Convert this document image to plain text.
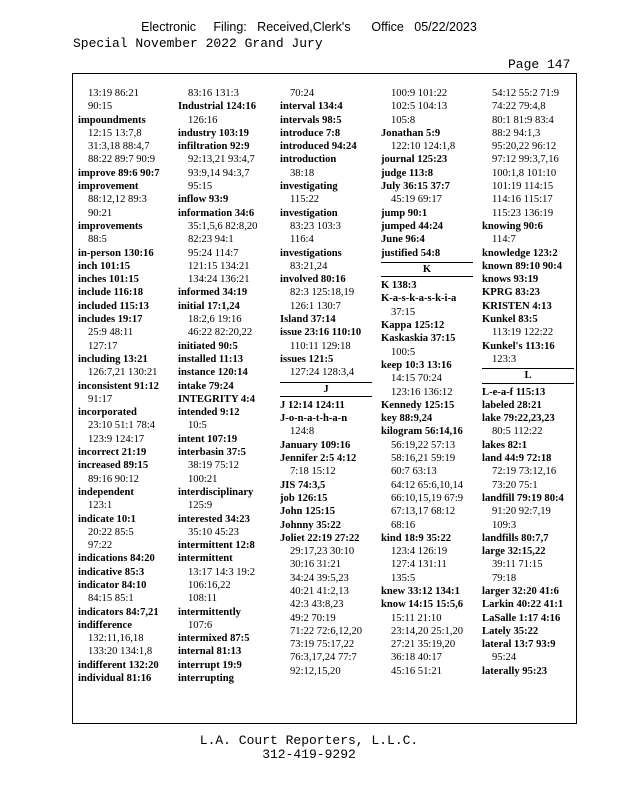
Electronic     Filing:   Received,Clerk's      Office   05/22/2023
Special November 2022 Grand Jury
Page 147
13:19 86:21
90:15
impoundments
12:15 13:7,8
31:3,18 88:4,7
88:22 89:7 90:9
improve 89:6 90:7
improvement
88:12,12 89:3
90:21
improvements
88:5
in-person 130:16
inch 101:15
inches 101:15
include 116:18
included 115:13
includes 19:17
25:9 48:11
127:17
including 13:21
126:7,21 130:21
inconsistent 91:12
91:17
incorporated
23:10 51:1 78:4
123:9 124:17
incorrect 21:19
increased 89:15
89:16 90:12
independent
123:1
indicate 10:1
20:22 85:5
97:22
indications 84:20
indicative 85:3
indicator 84:10
84:15 85:1
indicators 84:7,21
indifference
132:11,16,18
133:20 134:1,8
indifferent 132:20
individual 81:16
83:16 131:3
Industrial 124:16
126:16
industry 103:19
infiltration 92:9
92:13,21 93:4,7
93:9,14 94:3,7
95:15
inflow 93:9
information 34:6
35:1,5,6 82:8,20
82:23 94:1
95:24 114:7
121:15 134:21
134:24 136:21
informed 34:19
initial 17:1,24
18:2,6 19:16
46:22 82:20,22
initiated 90:5
installed 11:13
instance 120:14
intake 79:24
INTEGRITY 4:4
intended 9:12
10:5
intent 107:19
interbasin 37:5
38:19 75:12
100:21
interdisciplinary
125:9
interested 34:23
35:10 45:23
intermittent 12:8
intermittent
13:17 14:3 19:2
106:16,22
108:11
intermittently
107:6
intermixed 87:5
internal 81:13
interrupt 19:9
interrupting
70:24
interval 134:4
intervals 98:5
introduce 7:8
introduced 94:24
introduction
38:18
investigating
115:22
investigation
83:23 103:3
116:4
investigations
83:21,24
involved 80:16
82:3 125:18,19
126:1 130:7
Island 37:14
issue 23:16 110:10
110:11 129:18
issues 121:5
127:24 128:3,4
J
J 12:14 124:11
J-o-n-a-t-h-a-n
124:8
January 109:16
Jennifer 2:5 4:12
7:18 15:12
JIS 74:3,5
job 126:15
John 125:15
Johnny 35:22
Joliet 22:19 27:22
29:17,23 30:10
30:16 31:21
34:24 39:5,23
40:21 41:2,13
42:3 43:8,23
49:2 70:19
71:22 72:6,12,20
73:19 75:17,22
76:3,17,24 77:7
92:12,15,20
100:9 101:22
102:5 104:13
105:8
Jonathan 5:9
122:10 124:1,8
journal 125:23
judge 113:8
July 36:15 37:7
45:19 69:17
jump 90:1
jumped 44:24
June 96:4
justified 54:8
K
K 138:3
K-a-s-k-a-s-k-i-a
37:15
Kappa 125:12
Kaskaskia 37:15
100:5
keep 10:3 13:16
14:15 70:24
123:16 136:12
Kennedy 125:15
key 88:9,24
kilogram 56:14,16
56:19,22 57:13
58:16,21 59:19
60:7 63:13
64:12 65:6,10,14
66:10,15,19 67:9
67:13,17 68:12
68:16
kind 18:9 35:22
123:4 126:19
127:4 131:11
135:5
knew 33:12 134:1
know 14:15 15:5,6
15:11 21:10
23:14,20 25:1,20
27:21 35:19,20
36:18 40:17
45:16 51:21
54:12 55:2 71:9
74:22 79:4,8
80:1 81:9 83:4
88:2 94:1,3
95:20,22 96:12
97:12 99:3,7,16
100:1,8 101:10
101:19 114:15
114:16 115:17
115:23 136:19
knowing 90:6
114:7
knowledge 123:2
known 89:10 90:4
knows 93:19
KPRG 83:23
KRISTEN 4:13
Kunkel 83:5
113:19 122:22
Kunkel's 113:16
123:3
L
L-e-a-f 115:13
labeled 28:21
lake 79:22,23,23
80:5 112:22
lakes 82:1
land 44:9 72:18
72:19 73:12,16
73:20 75:1
landfill 79:19 80:4
91:20 92:7,19
109:3
landfills 80:7,7
large 32:15,22
39:11 71:15
79:18
larger 32:20 41:6
Larkin 40:22 41:1
LaSalle 1:17 4:16
Lately 35:22
lateral 13:7 93:9
95:24
laterally 95:23
L.A. Court Reporters, L.L.C.
312-419-9292
